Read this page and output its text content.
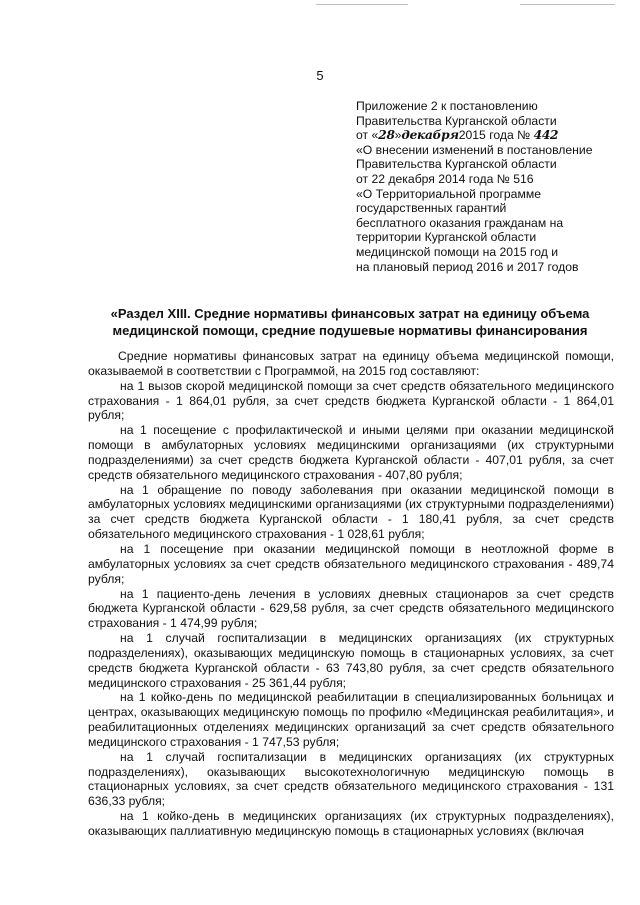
5
Приложение 2 к постановлению
Правительства Курганской области
от «28»декабря2015 года № 442
«О внесении изменений в постановление
Правительства Курганской области
от 22 декабря 2014 года № 516
«О Территориальной программе
государственных гарантий
бесплатного оказания гражданам на
территории Курганской области
медицинской помощи на 2015 год и
на плановый период 2016 и 2017 годов
«Раздел XIII. Средние нормативы финансовых затрат на единицу объема
медицинской помощи, средние подушевые нормативы финансирования

Средние нормативы финансовых затрат на единицу объема медицинской помощи, оказываемой в соответствии с Программой, на 2015 год составляют:

на 1 вызов скорой медицинской помощи за счет средств обязательного медицинского страхования - 1 864,01 рубля, за счет средств бюджета Курганской области - 1 864,01 рубля;

на 1 посещение с профилактической и иными целями при оказании медицинской помощи в амбулаторных условиях медицинскими организациями (их структурными подразделениями) за счет средств бюджета Курганской области - 407,01 рубля, за счет средств обязательного медицинского страхования - 407,80 рубля;

на 1 обращение по поводу заболевания при оказании медицинской помощи в амбулаторных условиях медицинскими организациями (их структурными подразделениями) за счет средств бюджета Курганской области - 1 180,41 рубля, за счет средств обязательного медицинского страхования - 1 028,61 рубля;

на 1 посещение при оказании медицинской помощи в неотложной форме в амбулаторных условиях за счет средств обязательного медицинского страхования - 489,74 рубля;

на 1 пациенто-день лечения в условиях дневных стационаров за счет средств бюджета Курганской области - 629,58 рубля, за счет средств обязательного медицинского страхования - 1 474,99 рубля;

на 1 случай госпитализации в медицинских организациях (их структурных подразделениях), оказывающих медицинскую помощь в стационарных условиях, за счет средств бюджета Курганской области - 63 743,80 рубля, за счет средств обязательного медицинского страхования - 25 361,44 рубля;

на 1 койко-день по медицинской реабилитации в специализированных больницах и центрах, оказывающих медицинскую помощь по профилю «Медицинская реабилитация», и реабилитационных отделениях медицинских организаций за счет средств обязательного медицинского страхования - 1 747,53 рубля;

на 1 случай госпитализации в медицинских организациях (их структурных подразделениях), оказывающих высокотехнологичную медицинскую помощь в стационарных условиях, за счет средств обязательного медицинского страхования - 131 636,33 рубля;

на 1 койко-день в медицинских организациях (их структурных подразделениях), оказывающих паллиативную медицинскую помощь в стационарных условиях (включая
